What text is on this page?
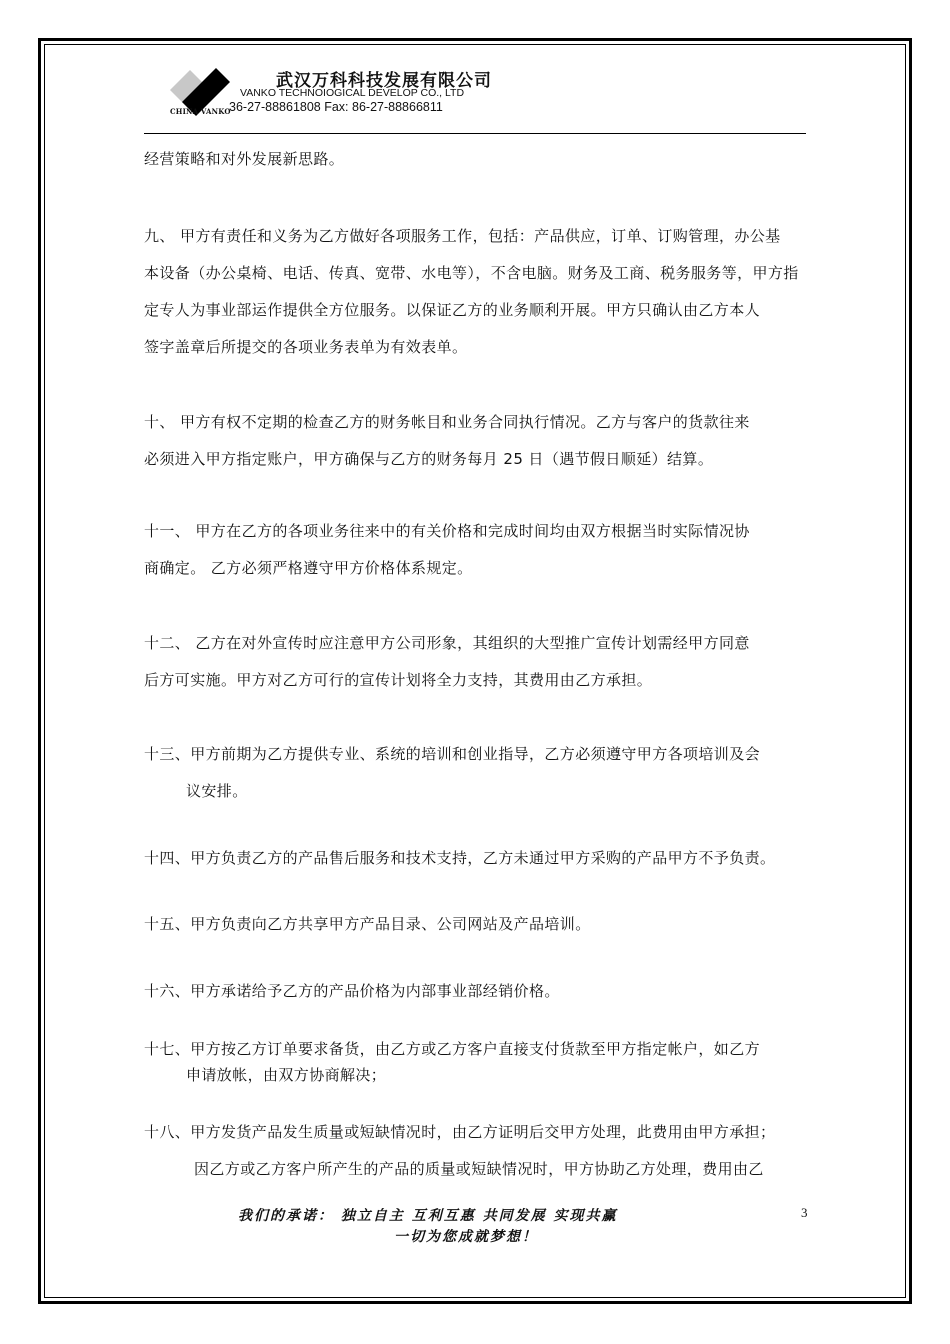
CHINA VANKO
武汉万科科技发展有限公司
VANKO TECHNOIOGICAL DEVELOP CO., LTD
36-27-88861808 Fax: 86-27-88866811

经营策略和对外发展新思路。

九、 甲方有责任和义务为乙方做好各项服务工作，包括：产品供应，订单、订购管理，办公基

本设备（办公桌椅、电话、传真、宽带、水电等），不含电脑。财务及工商、税务服务等，甲方指

定专人为事业部运作提供全方位服务。以保证乙方的业务顺利开展。甲方只确认由乙方本人

签字盖章后所提交的各项业务表单为有效表单。

十、 甲方有权不定期的检查乙方的财务帐目和业务合同执行情况。乙方与客户的货款往来

必须进入甲方指定账户，甲方确保与乙方的财务每月 25 日（遇节假日顺延）结算。

十一、 甲方在乙方的各项业务往来中的有关价格和完成时间均由双方根据当时实际情况协

商确定。 乙方必须严格遵守甲方价格体系规定。

十二、 乙方在对外宣传时应注意甲方公司形象，其组织的大型推广宣传计划需经甲方同意

后方可实施。甲方对乙方可行的宣传计划将全力支持，其费用由乙方承担。

十三、甲方前期为乙方提供专业、系统的培训和创业指导，乙方必须遵守甲方各项培训及会

议安排。

十四、甲方负责乙方的产品售后服务和技术支持，乙方未通过甲方采购的产品甲方不予负责。

十五、甲方负责向乙方共享甲方产品目录、公司网站及产品培训。

十六、甲方承诺给予乙方的产品价格为内部事业部经销价格。

十七、甲方按乙方订单要求备货，由乙方或乙方客户直接支付货款至甲方指定帐户，如乙方

申请放帐，由双方协商解决；

十八、甲方发货产品发生质量或短缺情况时，由乙方证明后交甲方处理，此费用由甲方承担；

因乙方或乙方客户所产生的产品的质量或短缺情况时，甲方协助乙方处理，费用由乙

我们的承诺： 独立自主 互利互惠 共同发展 实现共赢
一切为您成就梦想！
3
